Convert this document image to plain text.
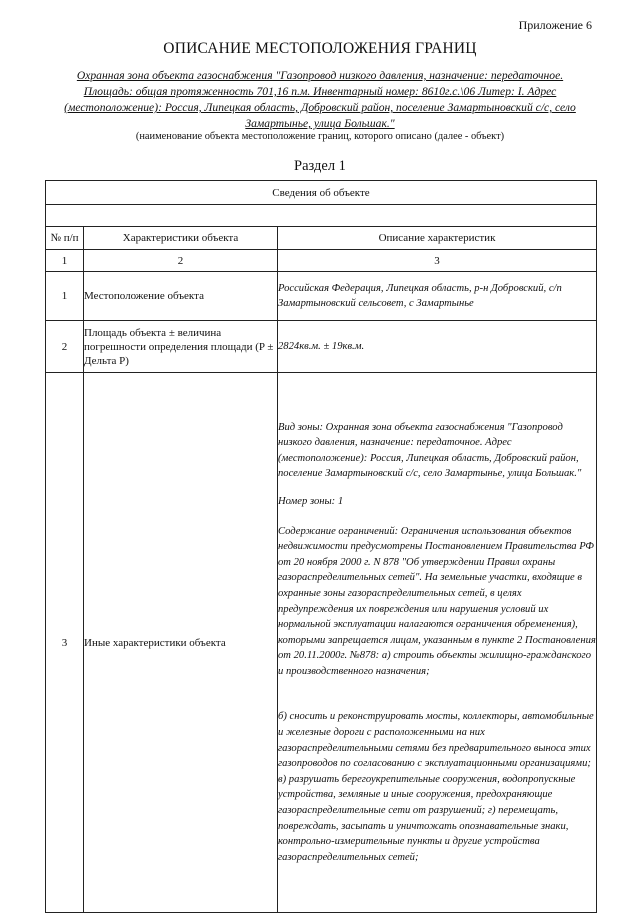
Приложение 6
ОПИСАНИЕ МЕСТОПОЛОЖЕНИЯ ГРАНИЦ
Охранная зона объекта газоснабжения "Газопровод низкого давления, назначение: передаточное.
Площадь: общая протяженность 701,16 п.м. Инвентарный номер: 8610г.с.\06 Литер: I. Адрес
(местоположение): Россия, Липецкая область, Добровский район, поселение Замартыновский с/с, село
Замартынье, улица Большак."
(наименование объекта местоположение границ, которого описано (далее - объект)
Раздел 1
Сведения об объекте		

№ п/п	Характеристики объекта	Описание характеристик
1	2	3
1	Местоположение объекта	Российская Федерация, Липецкая область, р-н Добровский, с/п Замартыновский сельсовет, с Замартынье
2	Площадь объекта ± величина погрешности определения площади (P ± Дельта P)	2824кв.м. ± 19кв.м.
3	Иные характеристики объекта	Вид зоны: Охранная зона объекта газоснабжения "Газопровод низкого давления, назначение: передаточное. Адрес (местоположение): Россия, Липецкая область, Добровский район, поселение Замартыновский с/с, село Замартынье, улица Большак."

Номер зоны: 1

Содержание ограничений: Ограничения использования объектов недвижимости предусмотрены Постановлением Правительства РФ от 20 ноября 2000 г. N 878 "Об утверждении Правил охраны газораспределительных сетей". На земельные участки, входящие в охранные зоны газораспределительных сетей, в целях предупреждения их повреждения или нарушения условий их нормальной эксплуатации налагаются ограничения обременения), которыми запрещается лицам, указанным в пункте 2 Постановления от 20.11.2000г. №878: а) строить объекты жилищно-гражданского и производственного назначения;

б) сносить и реконструировать мосты, коллекторы, автомобильные и железные дороги с расположенными на них газораспределительными сетями без предварительного выноса этих газопроводов по согласованию с эксплуатационными организациями; в) разрушать берегоукрепительные сооружения, водопропускные устройства, земляные и иные сооружения, предохраняющие газораспределительные сети от разрушений; г) перемещать, повреждать, засыпать и уничтожать опознавательные знаки, контрольно-измерительные пункты и другие устройства газораспределительных сетей;
